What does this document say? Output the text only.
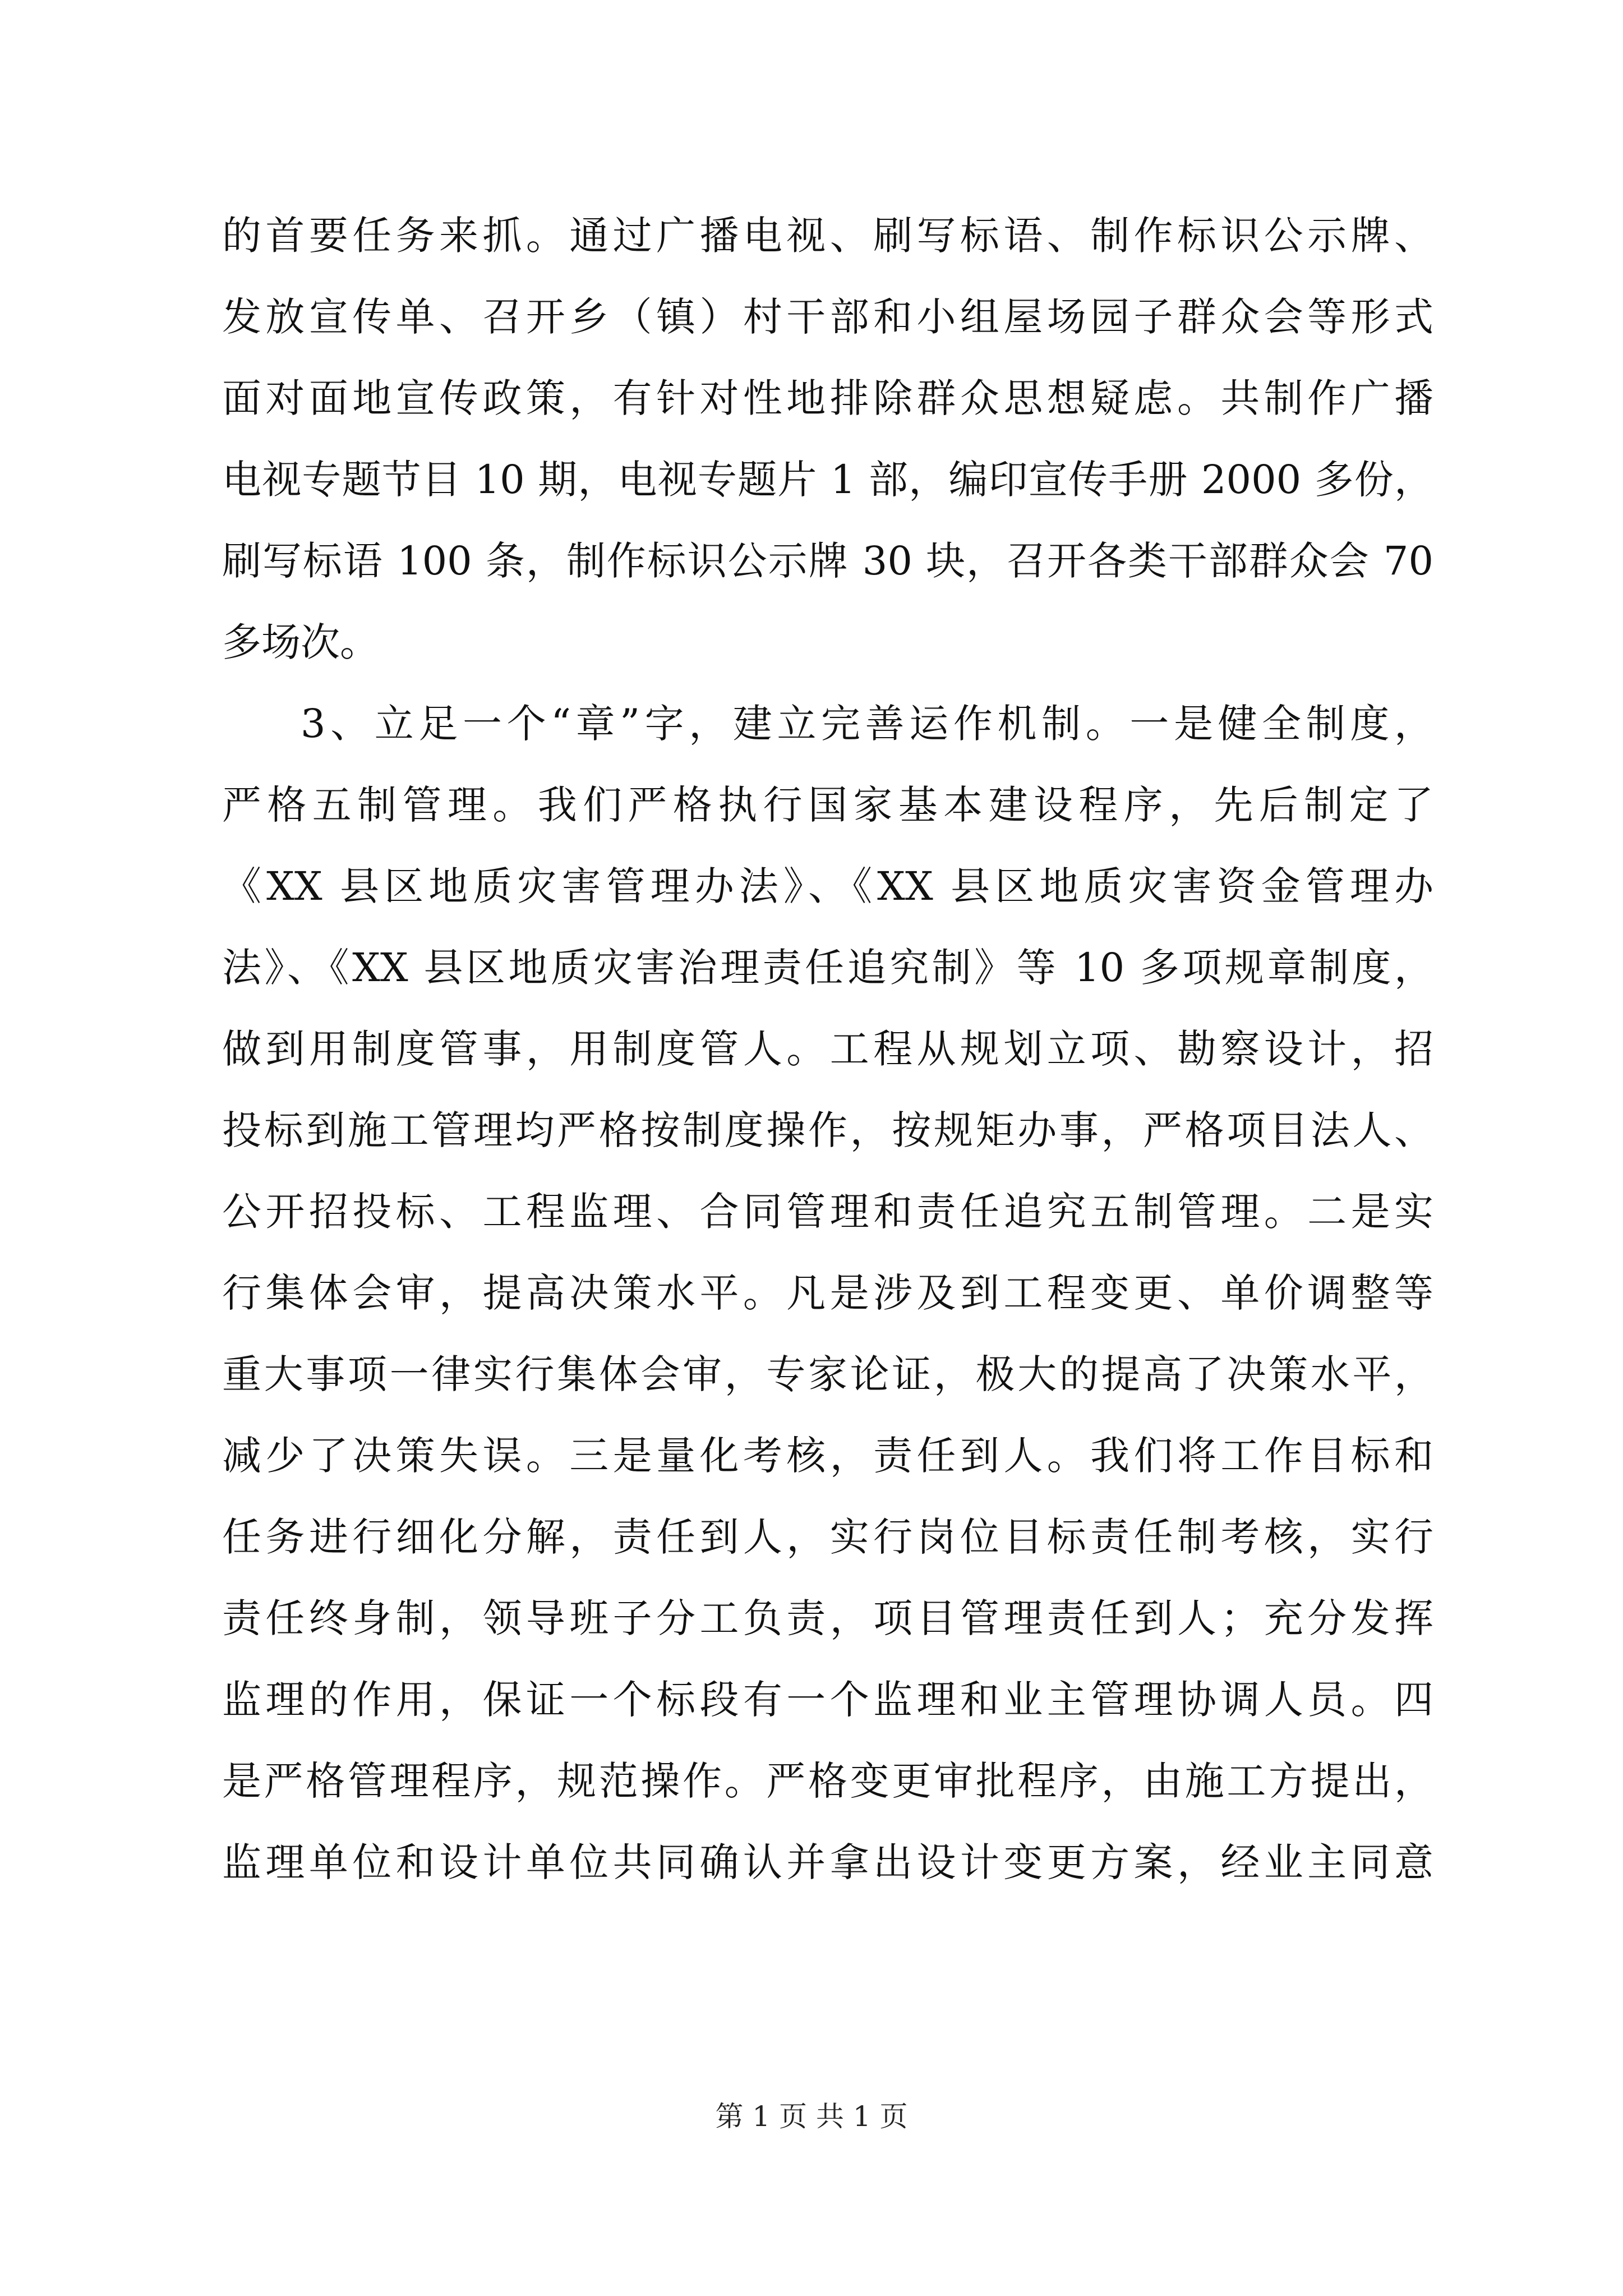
的首要任务来抓。通过广播电视、刷写标语、制作标识公示牌、
发放宣传单、召开乡（镇）村干部和小组屋场园子群众会等形式
面对面地宣传政策，有针对性地排除群众思想疑虑。共制作广播
电视专题节目 10 期，电视专题片 1 部，编印宣传手册 2000 多份，
刷写标语 100 条，制作标识公示牌 30 块，召开各类干部群众会 70
多场次。
3、立足一个“章”字，建立完善运作机制。一是健全制度，
严格五制管理。我们严格执行国家基本建设程序，先后制定了
《XX 县区地质灾害管理办法》、《XX 县区地质灾害资金管理办
法》、《XX 县区地质灾害治理责任追究制》等 10 多项规章制度，
做到用制度管事，用制度管人。工程从规划立项、勘察设计，招
投标到施工管理均严格按制度操作，按规矩办事，严格项目法人、
公开招投标、工程监理、合同管理和责任追究五制管理。二是实
行集体会审，提高决策水平。凡是涉及到工程变更、单价调整等
重大事项一律实行集体会审，专家论证，极大的提高了决策水平，
减少了决策失误。三是量化考核，责任到人。我们将工作目标和
任务进行细化分解，责任到人，实行岗位目标责任制考核，实行
责任终身制，领导班子分工负责，项目管理责任到人；充分发挥
监理的作用，保证一个标段有一个监理和业主管理协调人员。四
是严格管理程序，规范操作。严格变更审批程序，由施工方提出，
监理单位和设计单位共同确认并拿出设计变更方案，经业主同意
第 1 页 共 1 页
